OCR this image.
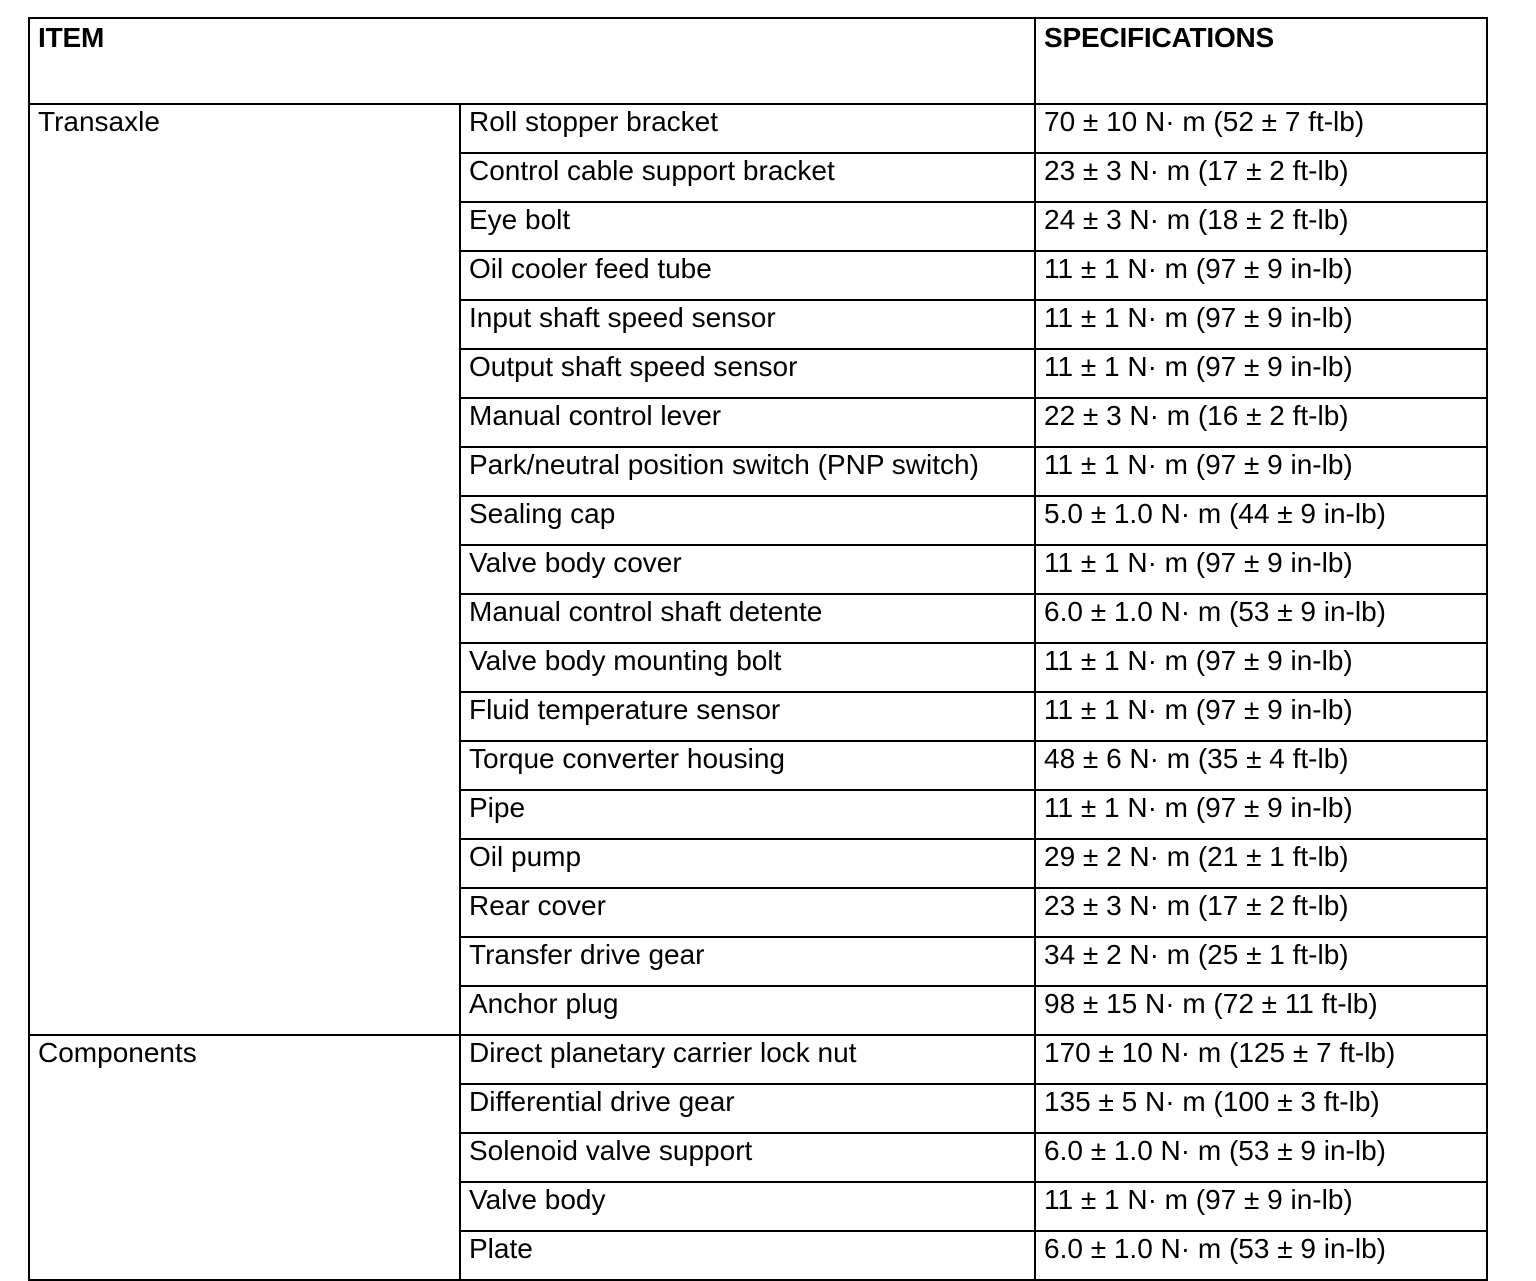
ITEM		SPECIFICATIONS
Transaxle	Roll stopper bracket	70 ± 10 N· m (52 ± 7 ft-lb)
	Control cable support bracket	23 ± 3 N· m (17 ± 2 ft-lb)
	Eye bolt	24 ± 3 N· m (18 ± 2 ft-lb)
	Oil cooler feed tube	11 ± 1 N· m (97 ± 9 in-lb)
	Input shaft speed sensor	11 ± 1 N· m (97 ± 9 in-lb)
	Output shaft speed sensor	11 ± 1 N· m (97 ± 9 in-lb)
	Manual control lever	22 ± 3 N· m (16 ± 2 ft-lb)
	Park/neutral position switch (PNP switch)	11 ± 1 N· m (97 ± 9 in-lb)
	Sealing cap	5.0 ± 1.0 N· m (44 ± 9 in-lb)
	Valve body cover	11 ± 1 N· m (97 ± 9 in-lb)
	Manual control shaft detente	6.0 ± 1.0 N· m (53 ± 9 in-lb)
	Valve body mounting bolt	11 ± 1 N· m (97 ± 9 in-lb)
	Fluid temperature sensor	11 ± 1 N· m (97 ± 9 in-lb)
	Torque converter housing	48 ± 6 N· m (35 ± 4 ft-lb)
	Pipe	11 ± 1 N· m (97 ± 9 in-lb)
	Oil pump	29 ± 2 N· m (21 ± 1 ft-lb)
	Rear cover	23 ± 3 N· m (17 ± 2 ft-lb)
	Transfer drive gear	34 ± 2 N· m (25 ± 1 ft-lb)
	Anchor plug	98 ± 15 N· m (72 ± 11 ft-lb)
Components	Direct planetary carrier lock nut	170 ± 10 N· m (125 ± 7 ft-lb)
	Differential drive gear	135 ± 5 N· m (100 ± 3 ft-lb)
	Solenoid valve support	6.0 ± 1.0 N· m (53 ± 9 in-lb)
	Valve body	11 ± 1 N· m (97 ± 9 in-lb)
	Plate	6.0 ± 1.0 N· m (53 ± 9 in-lb)
